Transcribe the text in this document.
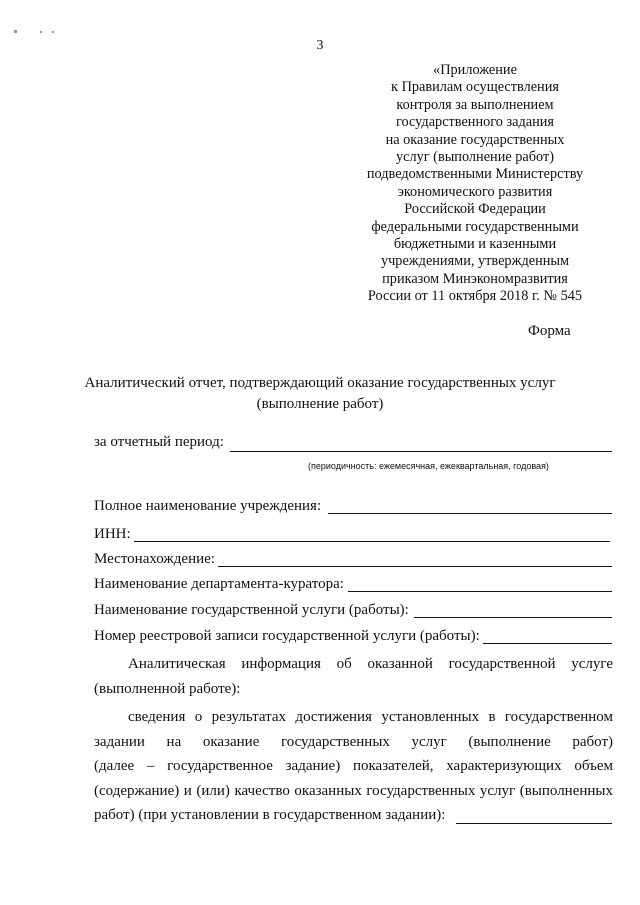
3
«Приложение
к Правилам осуществления
контроля за выполнением
государственного задания
на оказание государственных
услуг (выполнение работ)
подведомственными Министерству
экономического развития
Российской Федерации
федеральными государственными
бюджетными и казенными
учреждениями, утвержденным
приказом Минэкономразвития
России от 11 октября 2018 г. № 545
Форма
Аналитический отчет, подтверждающий оказание государственных услуг
(выполнение работ)
за отчетный период:
(периодичность: ежемесячная, ежеквартальная, годовая)
Полное наименование учреждения:
ИНН:
Местонахождение:
Наименование департамента-куратора:
Наименование государственной услуги (работы):
Номер реестровой записи государственной услуги (работы):
Аналитическая информация об оказанной государственной услуге
(выполненной работе):
сведения о результатах достижения установленных в государственном
задании на оказание государственных услуг (выполнение работ)
(далее – государственное задание) показателей, характеризующих объем
(содержание) и (или) качество оказанных государственных услуг (выполненных
работ) (при установлении в государственном задании):
